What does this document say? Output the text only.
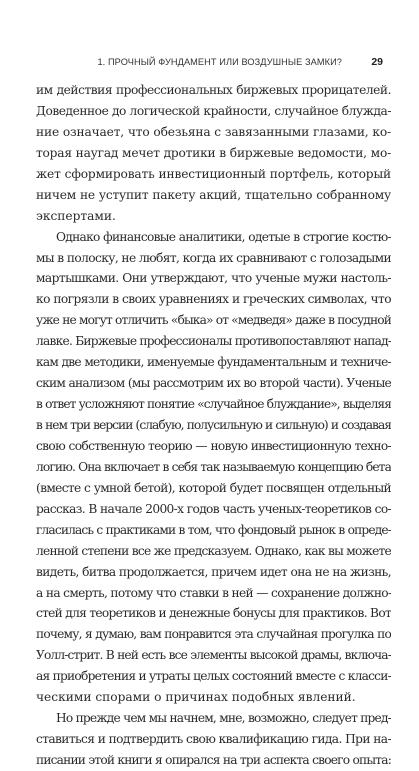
1. ПРОЧНЫЙ ФУНДАМЕНТ ИЛИ ВОЗДУШНЫЕ ЗАМКИ?	29
им действия профессиональных биржевых прорицателей.
Доведенное до логической крайности, случайное блужда-
ние означает, что обезьяна с завязанными глазами, ко-
торая наугад мечет дротики в биржевые ведомости, мо-
жет сформировать инвестиционный портфель, который
ничем не уступит пакету акций, тщательно собранному
экспертами.
Однако финансовые аналитики, одетые в строгие костю-
мы в полоску, не любят, когда их сравнивают с голозадыми
мартышками. Они утверждают, что ученые мужи настоль-
ко погрязли в своих уравнениях и греческих символах, что
уже не могут отличить «быка» от «медведя» даже в посудной
лавке. Биржевые профессионалы противопоставляют напад-
кам две методики, именуемые фундаментальным и техниче-
ским анализом (мы рассмотрим их во второй части). Ученые
в ответ усложняют понятие «случайное блуждание», выделяя
в нем три версии (слабую, полусильную и сильную) и создавая
свою собственную теорию — новую инвестиционную техно-
логию. Она включает в себя так называемую концепцию бета
(вместе с умной бетой), которой будет посвящен отдельный
рассказ. В начале 2000-х годов часть ученых-теоретиков со-
гласилась с практиками в том, что фондовый рынок в опреде-
ленной степени все же предсказуем. Однако, как вы можете
видеть, битва продолжается, причем идет она не на жизнь,
а на смерть, потому что ставки в ней — сохранение должно-
стей для теоретиков и денежные бонусы для практиков. Вот
почему, я думаю, вам понравится эта случайная прогулка по
Уолл-стрит. В ней есть все элементы высокой драмы, включа-
ая приобретения и утраты целых состояний вместе с класси-
ческими спорами о причинах подобных явлений.
Но прежде чем мы начнем, мне, возможно, следует пред-
ставиться и подтвердить свою квалификацию гида. При на-
писании этой книги я опирался на три аспекта своего опыта:
